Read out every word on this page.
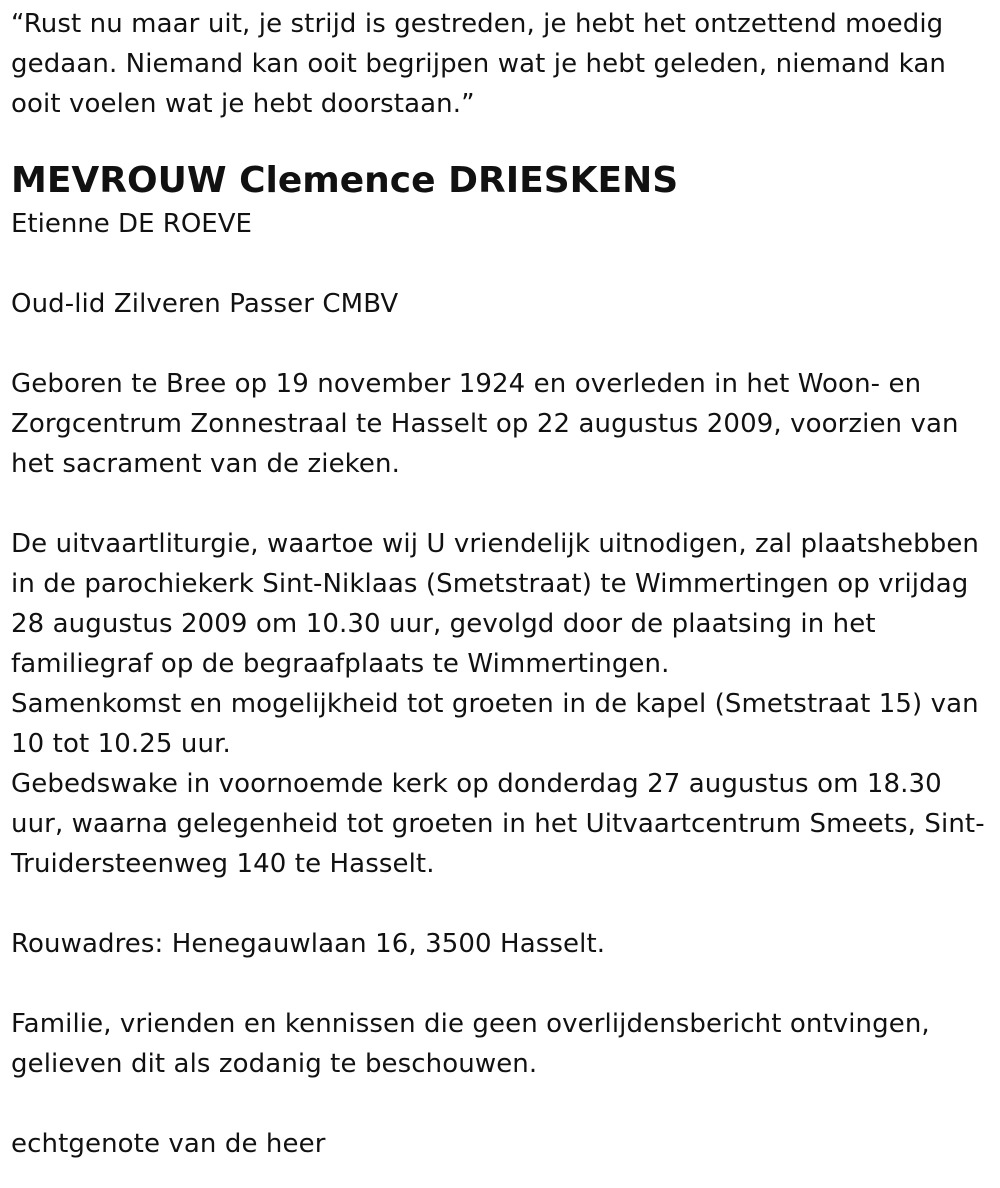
“Rust nu maar uit, je strijd is gestreden, je hebt het ontzettend moedig gedaan. Niemand kan ooit begrijpen wat je hebt geleden, niemand kan ooit voelen wat je hebt doorstaan.”

MEVROUW Clemence DRIESKENS

Etienne DE ROEVE

Oud-lid Zilveren Passer CMBV

Geboren te Bree op 19 november 1924 en overleden in het Woon- en Zorgcentrum Zonnestraal te Hasselt op 22 augustus 2009, voorzien van het sacrament van de zieken.

De uitvaartliturgie, waartoe wij U vriendelijk uitnodigen, zal plaatshebben in de parochiekerk Sint-Niklaas (Smetstraat) te Wimmertingen op vrijdag 28 augustus 2009 om 10.30 uur, gevolgd door de plaatsing in het familiegraf op de begraafplaats te Wimmertingen.

Samenkomst en mogelijkheid tot groeten in de kapel (Smetstraat 15) van 10 tot 10.25 uur.

Gebedswake in voornoemde kerk op donderdag 27 augustus om 18.30 uur, waarna gelegenheid tot groeten in het Uitvaartcentrum Smeets, Sint-Truidersteenweg 140 te Hasselt.

Rouwadres: Henegauwlaan 16, 3500 Hasselt.

Familie, vrienden en kennissen die geen overlijdensbericht ontvingen, gelieven dit als zodanig te beschouwen.

echtgenote van de heer
